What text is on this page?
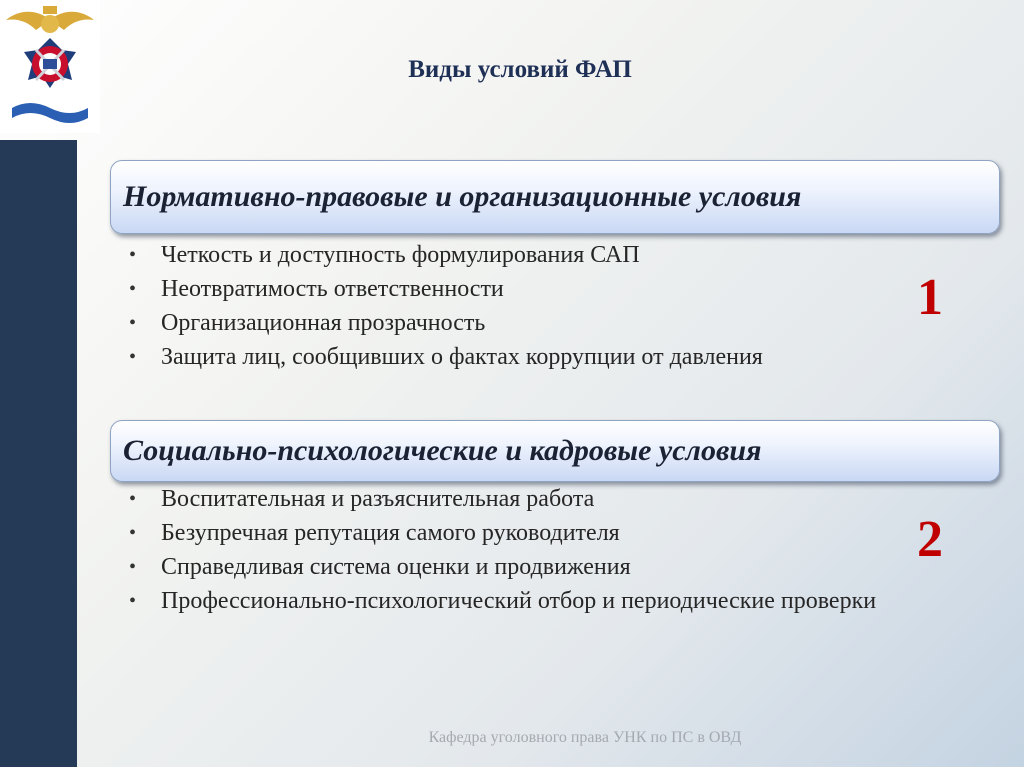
Виды условий ФАП
Нормативно-правовые и организационные условия
• Четкость и доступность формулирования САП
• Неотвратимость ответственности
• Организационная прозрачность
• Защита лиц, сообщивших о фактах коррупции от давления
1
Социально-психологические и кадровые условия
• Воспитательная и разъяснительная работа
• Безупречная репутация самого руководителя
• Справедливая система оценки и продвижения
• Профессионально-психологический отбор и периодические проверки
2
Кафедра уголовного права УНК по ПС в ОВД
